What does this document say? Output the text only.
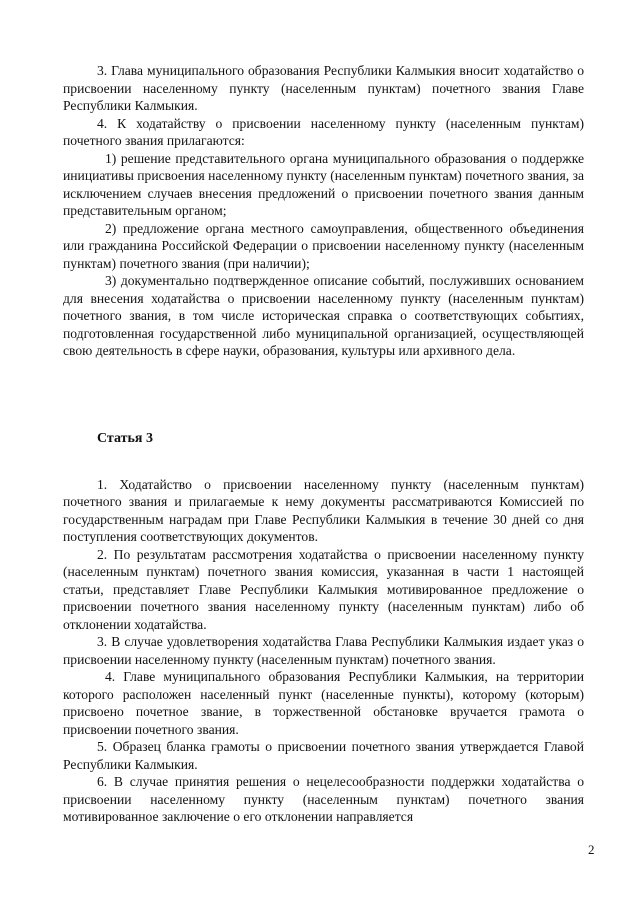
3. Глава муниципального образования Республики Калмыкия вносит ходатайство о присвоении населенному пункту (населенным пунктам) почетного звания Главе Республики Калмыкия.

4. К ходатайству о присвоении населенному пункту (населенным пунктам) почетного звания прилагаются:

1) решение представительного органа муниципального образования о поддержке инициативы присвоения населенному пункту (населенным пунктам) почетного звания, за исключением случаев внесения предложений о присвоении почетного звания данным представительным органом;

2) предложение органа местного самоуправления, общественного объединения или гражданина Российской Федерации о присвоении населенному пункту (населенным пунктам) почетного звания (при наличии);

3) документально подтвержденное описание событий, послуживших основанием для внесения ходатайства о присвоении населенному пункту (населенным пунктам) почетного звания, в том числе историческая справка о соответствующих событиях, подготовленная государственной либо муниципальной организацией, осуществляющей свою деятельность в сфере науки, образования, культуры или архивного дела.

Статья 3

1. Ходатайство о присвоении населенному пункту (населенным пунктам) почетного звания и прилагаемые к нему документы рассматриваются Комиссией по государственным наградам при Главе Республики Калмыкия в течение 30 дней со дня поступления соответствующих документов.

2. По результатам рассмотрения ходатайства о присвоении населенному пункту (населенным пунктам) почетного звания комиссия, указанная в части 1 настоящей статьи, представляет Главе Республики Калмыкия мотивированное предложение о присвоении почетного звания населенному пункту (населенным пунктам) либо об отклонении ходатайства.

3. В случае удовлетворения ходатайства Глава Республики Калмыкия издает указ о присвоении населенному пункту (населенным пунктам) почетного звания.

4. Главе муниципального образования Республики Калмыкия, на территории которого расположен населенный пункт (населенные пункты), которому (которым) присвоено почетное звание, в торжественной обстановке вручается грамота о присвоении почетного звания.

5. Образец бланка грамоты о присвоении почетного звания утверждается Главой Республики Калмыкия.

6. В случае принятия решения о нецелесообразности поддержки ходатайства о присвоении населенному пункту (населенным пунктам) почетного звания мотивированное заключение о его отклонении направляется

2
